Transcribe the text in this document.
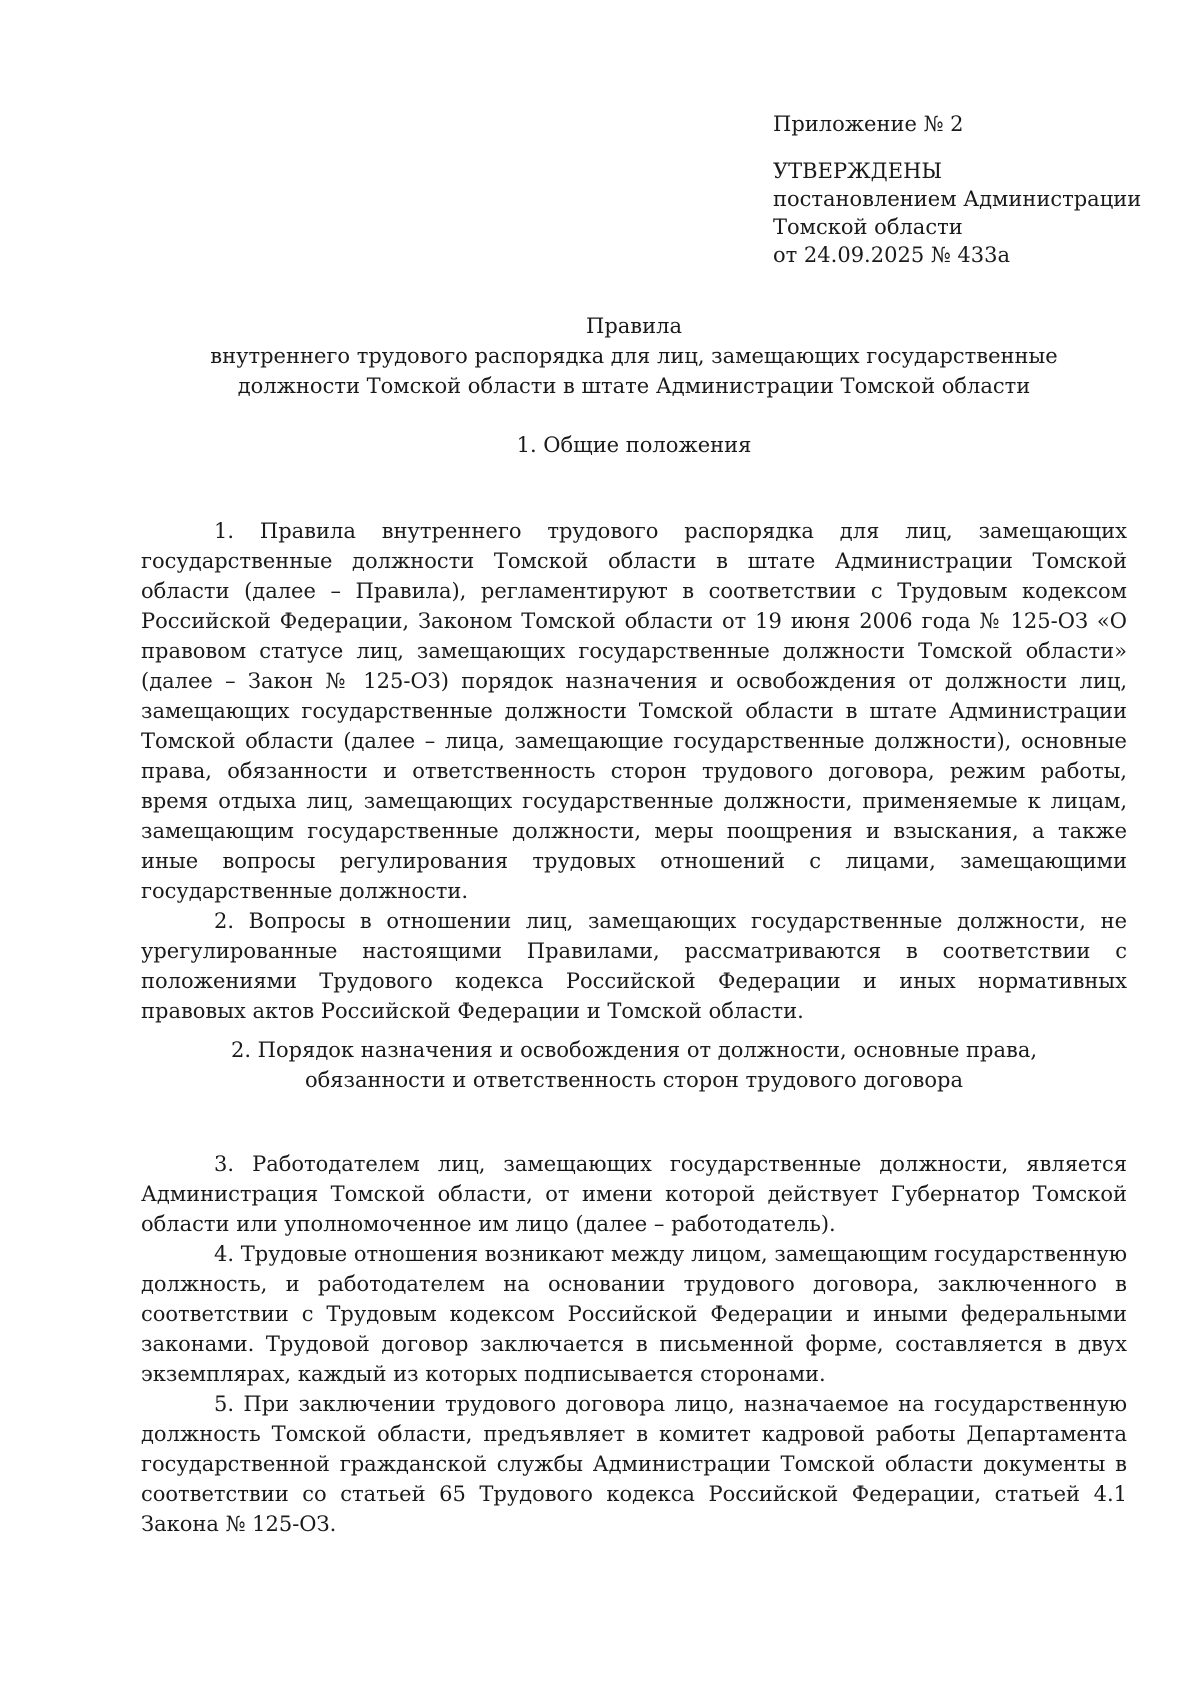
Приложение № 2
УТВЕРЖДЕНЫ
постановлением Администрации
Томской области
от 24.09.2025 № 433а
Правила
внутреннего трудового распорядка для лиц, замещающих государственные
должности Томской области в штате Администрации Томской области
1. Общие положения

1. Правила внутреннего трудового распорядка для лиц, замещающих государственные должности Томской области в штате Администрации Томской области (далее – Правила), регламентируют в соответствии с Трудовым кодексом Российской Федерации, Законом Томской области от 19 июня 2006 года № 125-ОЗ «О правовом статусе лиц, замещающих государственные должности Томской области» (далее – Закон № 125-ОЗ) порядок назначения и освобождения от должности лиц, замещающих государственные должности Томской области в штате Администрации Томской области (далее – лица, замещающие государственные должности), основные права, обязанности и ответственность сторон трудового договора, режим работы, время отдыха лиц, замещающих государственные должности, применяемые к лицам, замещающим государственные должности, меры поощрения и взыскания, а также иные вопросы регулирования трудовых отношений с лицами, замещающими государственные должности.

2. Вопросы в отношении лиц, замещающих государственные должности, не урегулированные настоящими Правилами, рассматриваются в соответствии с положениями Трудового кодекса Российской Федерации и иных нормативных правовых актов Российской Федерации и Томской области.

2. Порядок назначения и освобождения от должности, основные права,
обязанности и ответственность сторон трудового договора

3. Работодателем лиц, замещающих государственные должности, является Администрация Томской области, от имени которой действует Губернатор Томской области или уполномоченное им лицо (далее – работодатель).

4. Трудовые отношения возникают между лицом, замещающим государственную должность, и работодателем на основании трудового договора, заключенного в соответствии с Трудовым кодексом Российской Федерации и иными федеральными законами. Трудовой договор заключается в письменной форме, составляется в двух экземплярах, каждый из которых подписывается сторонами.

5. При заключении трудового договора лицо, назначаемое на государственную должность Томской области, предъявляет в комитет кадровой работы Департамента государственной гражданской службы Администрации Томской области документы в соответствии со статьей 65 Трудового кодекса Российской Федерации, статьей 4.1 Закона № 125-ОЗ.
